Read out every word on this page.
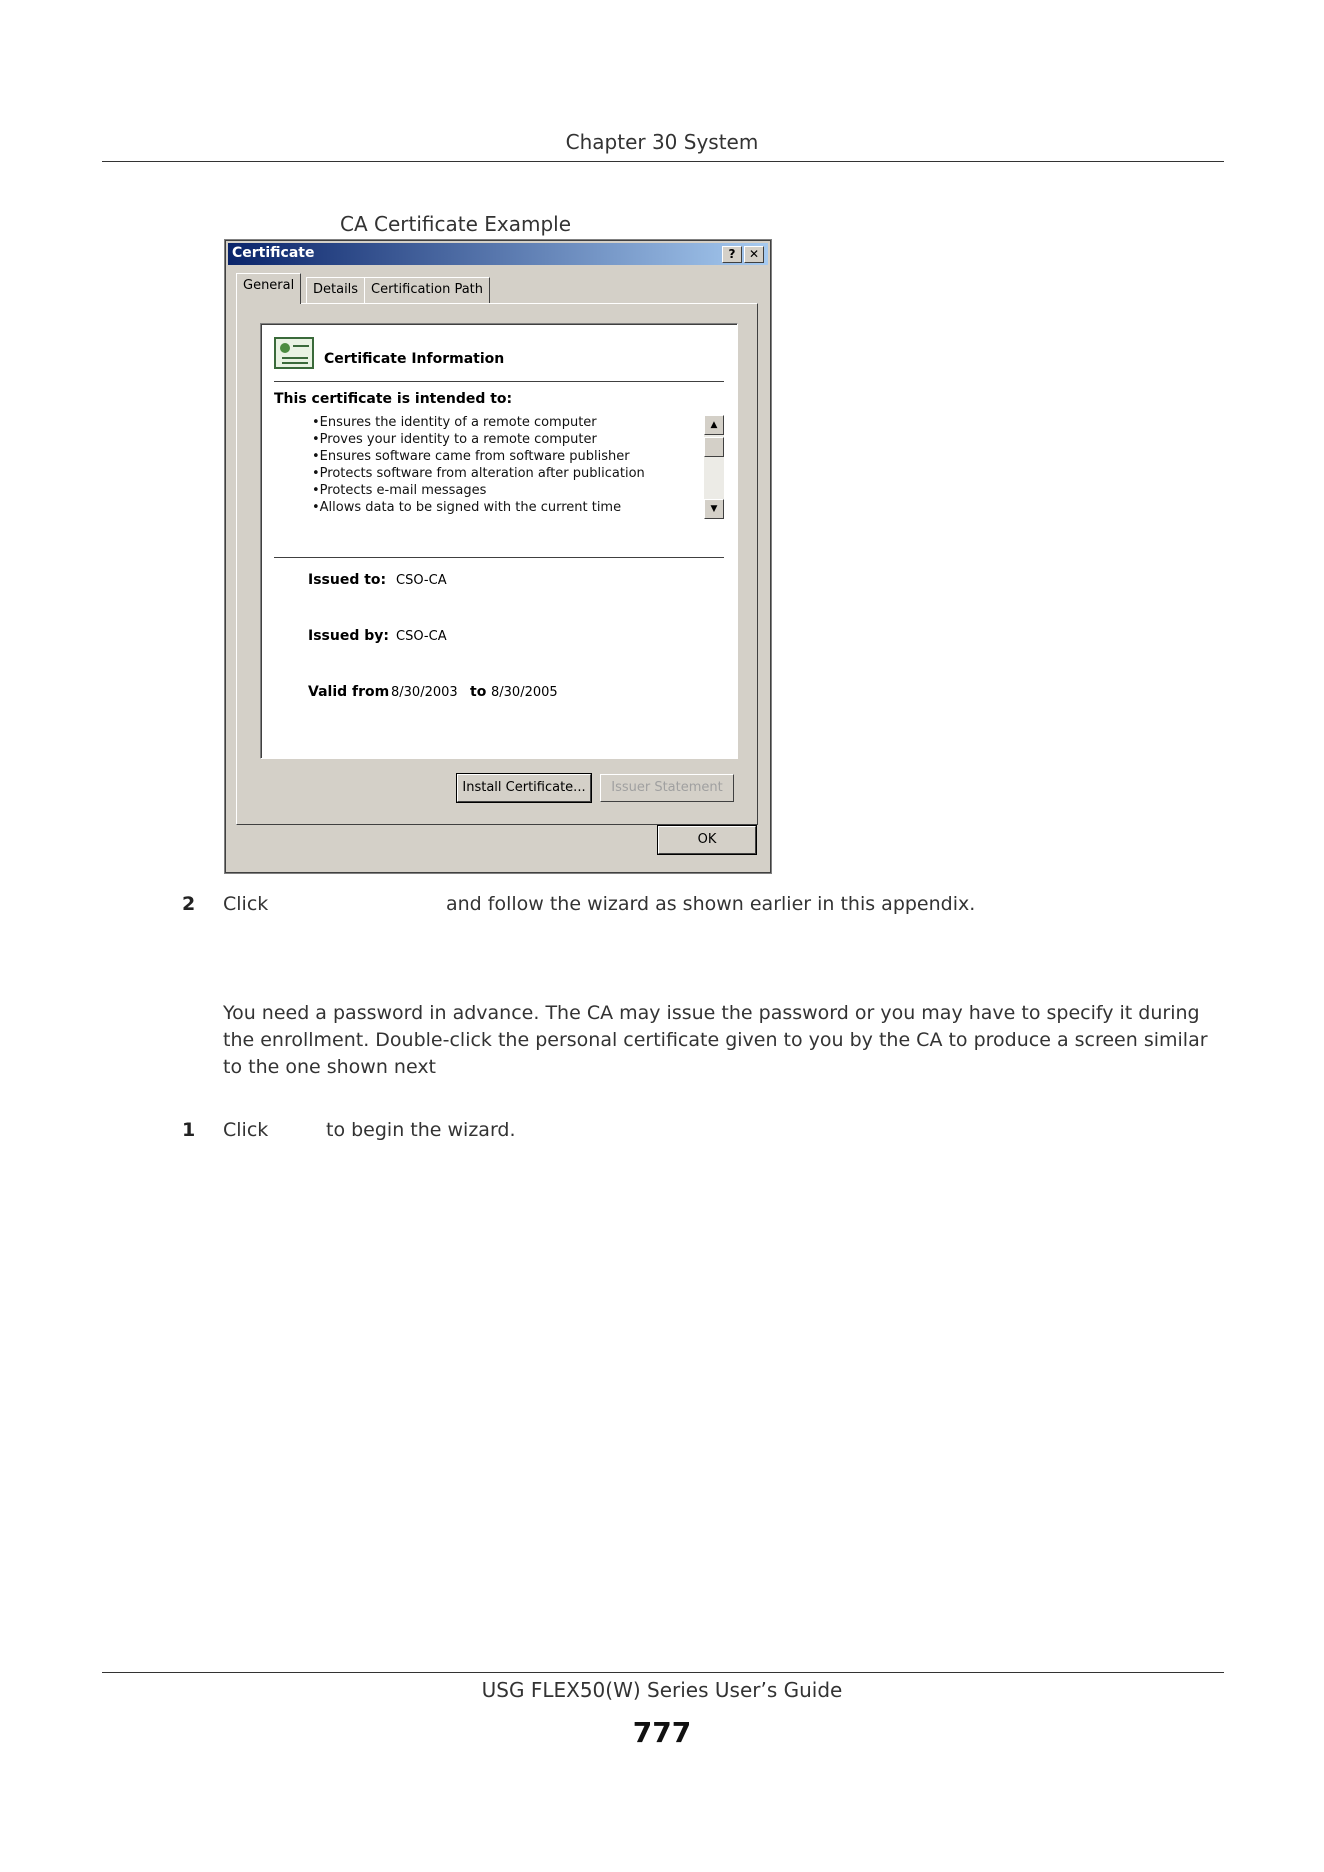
Chapter 30 System
CA Certificate Example
Certificate	?	✕
General	Details Certification Path
Certificate Information
This certificate is intended to:
•Ensures the identity of a remote computer
•Proves your identity to a remote computer
•Ensures software came from software publisher
•Protects software from alteration after publication
•Protects e-mail messages
•Allows data to be signed with the current time
▲
▼
Issued to: CSO-CA
Issued by: CSO-CA
Valid from 8/30/2003 to 8/30/2005
Install Certificate...	Issuer Statement
OK
2 Click	and follow the wizard as shown earlier in this appendix.
You need a password in advance. The CA may issue the password or you may have to specify it during the enrollment. Double-click the personal certificate given to you by the CA to produce a screen similar to the one shown next
1 Click	to begin the wizard.
USG FLEX50(W) Series User’s Guide
777
